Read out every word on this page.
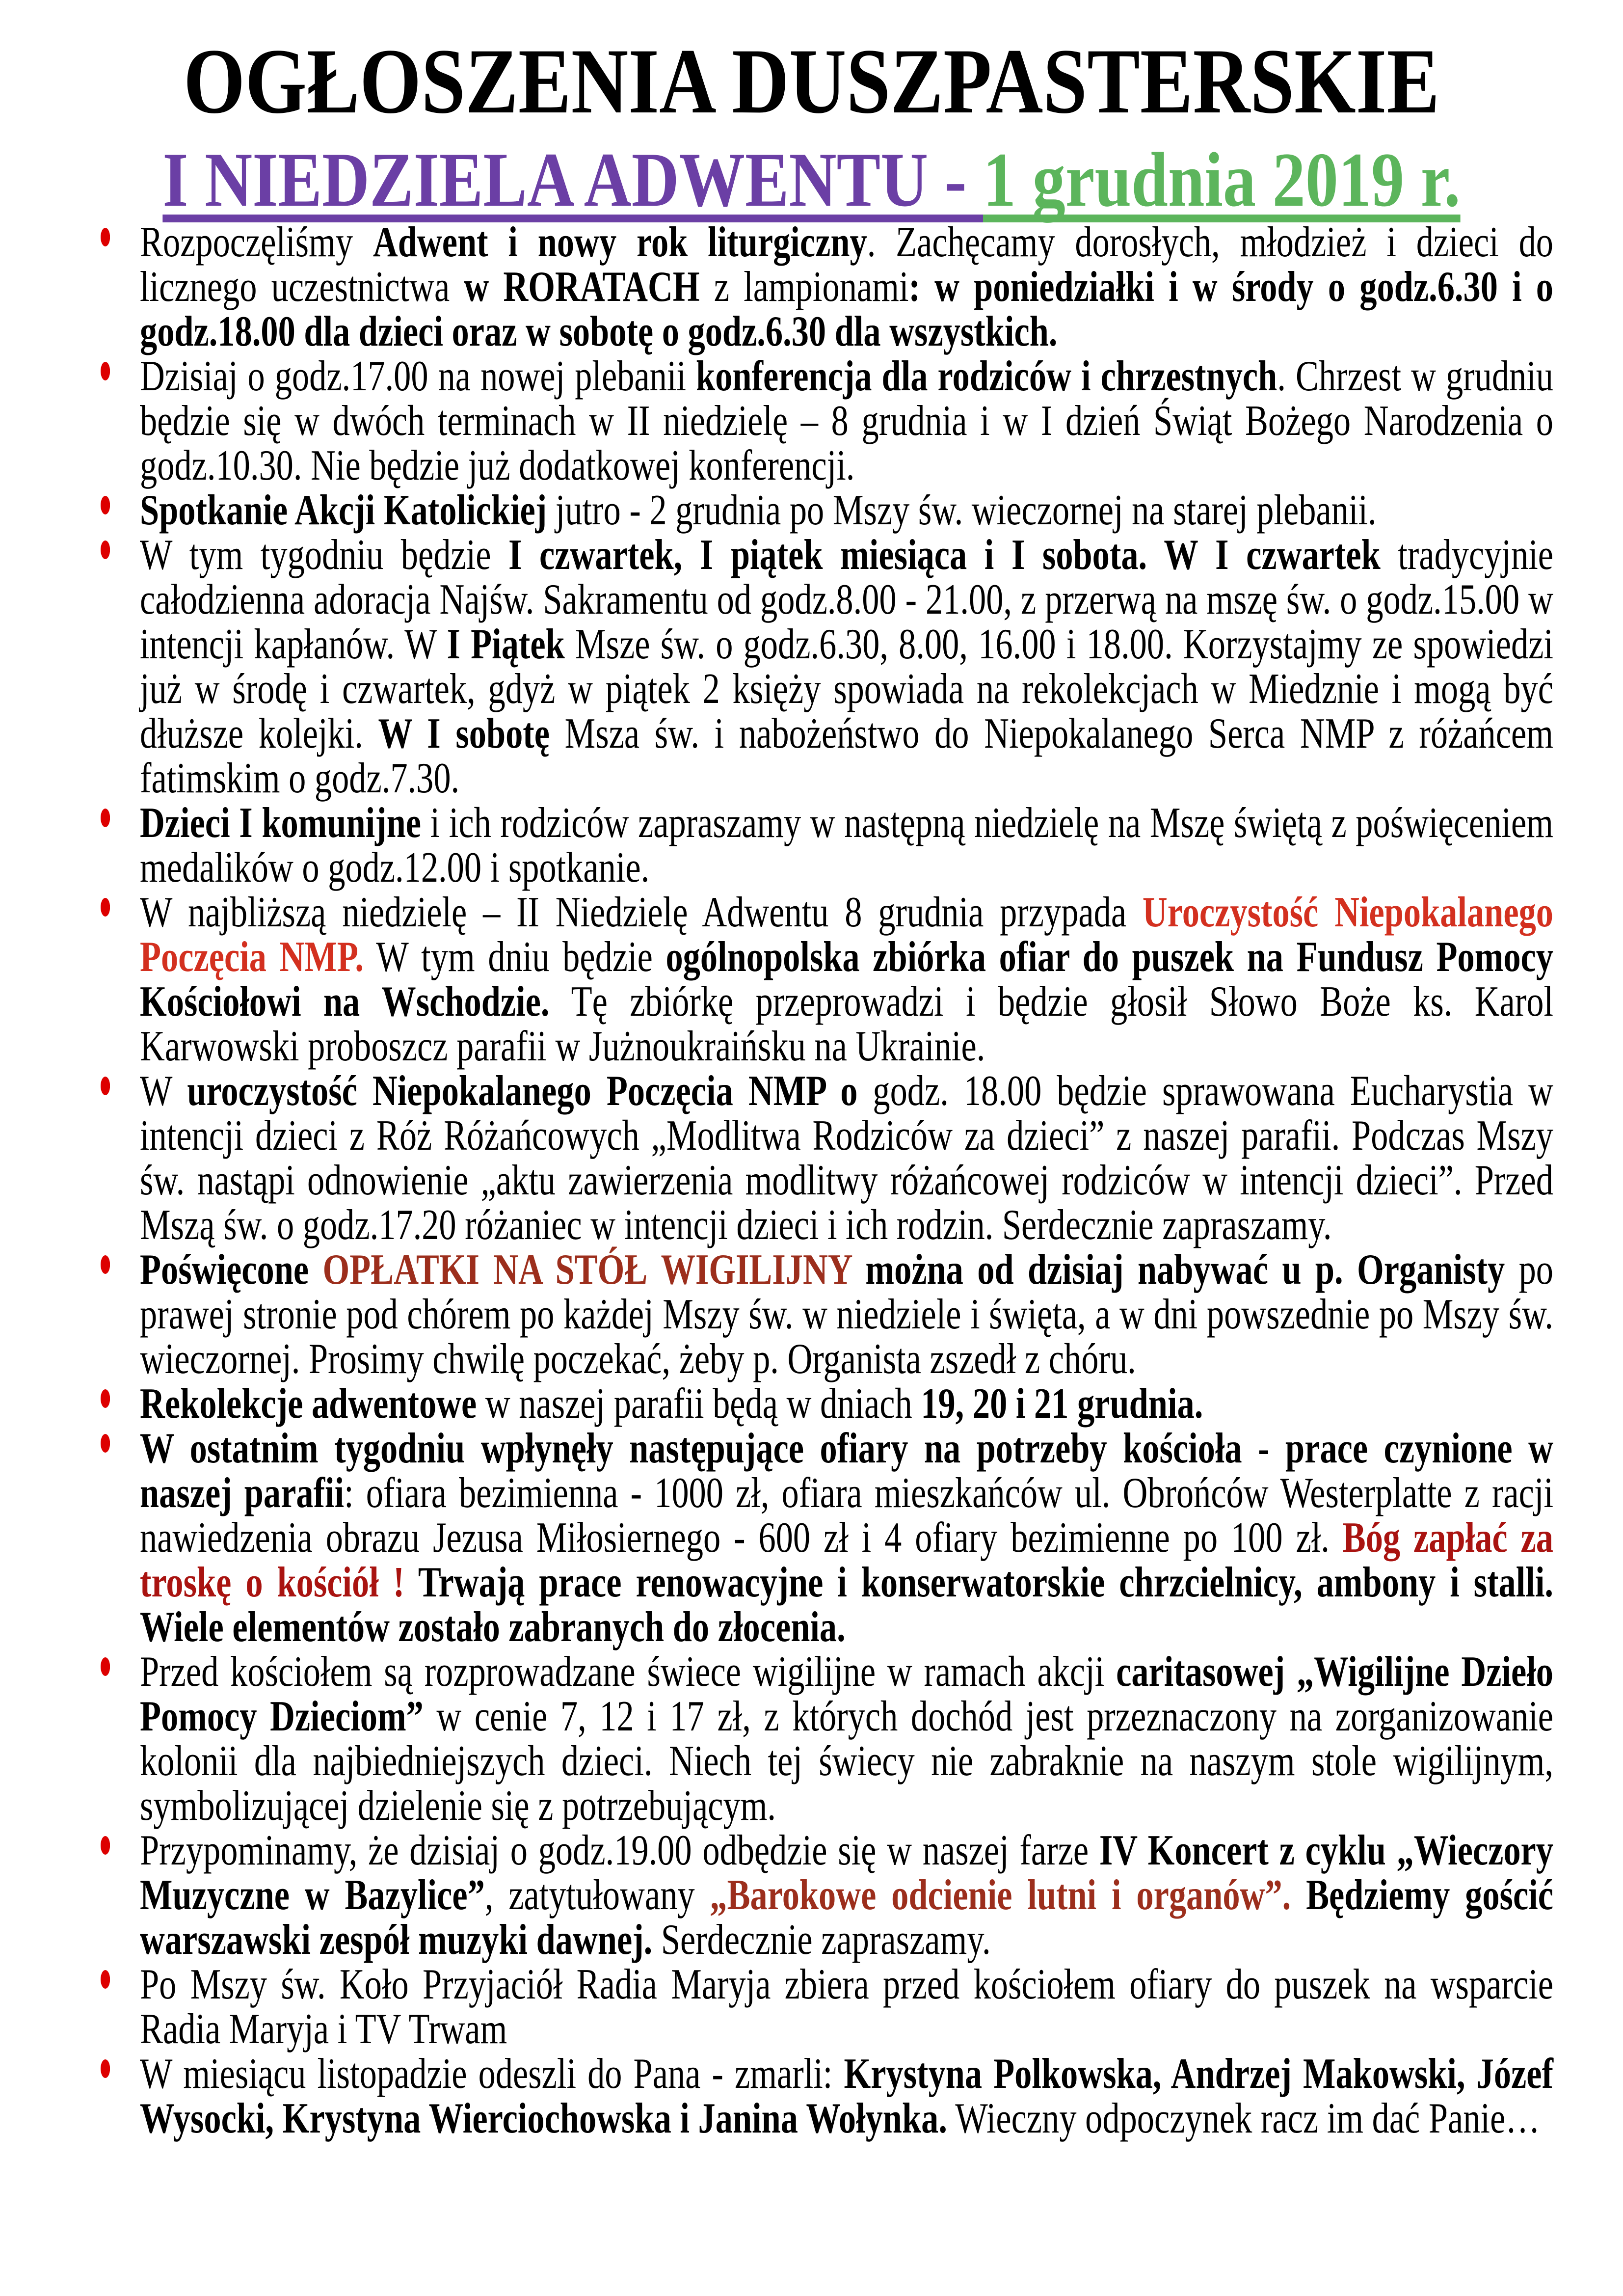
OGŁOSZENIA DUSZPASTERSKIE
I NIEDZIELA ADWENTU - 1 grudnia 2019 r.
Rozpoczęliśmy Adwent i nowy rok liturgiczny. Zachęcamy dorosłych, młodzież i dzieci do licznego uczestnictwa w RORATACH z lampionami: w poniedziałki i w środy o godz.6.30 i o godz.18.00 dla dzieci oraz w sobotę o godz.6.30 dla wszystkich.
Dzisiaj o godz.17.00 na nowej plebanii konferencja dla rodziców i chrzestnych. Chrzest w grudniu będzie się w dwóch terminach w II niedzielę – 8 grudnia i w I dzień Świąt Bożego Narodzenia o godz.10.30. Nie będzie już dodatkowej konferencji.
Spotkanie Akcji Katolickiej jutro - 2 grudnia po Mszy św. wieczornej na starej plebanii.
W tym tygodniu będzie I czwartek, I piątek miesiąca i I sobota. W I czwartek tradycyjnie całodzienna adoracja Najśw. Sakramentu od godz.8.00 - 21.00, z przerwą na mszę św. o godz.15.00 w intencji kapłanów. W I Piątek Msze św. o godz.6.30, 8.00, 16.00 i 18.00. Korzystajmy ze spowiedzi już w środę i czwartek, gdyż w piątek 2 księży spowiada na rekolekcjach w Miedznie i mogą być dłuższe kolejki. W I sobotę Msza św. i nabożeństwo do Niepokalanego Serca NMP z różańcem fatimskim o godz.7.30.
Dzieci I komunijne i ich rodziców zapraszamy w następną niedzielę na Mszę świętą z poświęceniem medalików o godz.12.00 i spotkanie.
W najbliższą niedzielę – II Niedzielę Adwentu 8 grudnia przypada Uroczystość Niepokalanego Poczęcia NMP. W tym dniu będzie ogólnopolska zbiórka ofiar do puszek na Fundusz Pomocy Kościołowi na Wschodzie. Tę zbiórkę przeprowadzi i będzie głosił Słowo Boże ks. Karol Karwowski proboszcz parafii w Jużnoukraińsku na Ukrainie.
W uroczystość Niepokalanego Poczęcia NMP o godz. 18.00 będzie sprawowana Eucharystia w intencji dzieci z Róż Różańcowych „Modlitwa Rodziców za dzieci” z naszej parafii. Podczas Mszy św. nastąpi odnowienie „aktu zawierzenia modlitwy różańcowej rodziców w intencji dzieci”. Przed Mszą św. o godz.17.20 różaniec w intencji dzieci i ich rodzin. Serdecznie zapraszamy.
Poświęcone OPŁATKI NA STÓŁ WIGILIJNY można od dzisiaj nabywać u p. Organisty po prawej stronie pod chórem po każdej Mszy św. w niedziele i święta, a w dni powszednie po Mszy św. wieczornej. Prosimy chwilę poczekać, żeby p. Organista zszedł z chóru.
Rekolekcje adwentowe w naszej parafii będą w dniach 19, 20 i 21 grudnia.
W ostatnim tygodniu wpłynęły następujące ofiary na potrzeby kościoła - prace czynione w naszej parafii: ofiara bezimienna - 1000 zł, ofiara mieszkańców ul. Obrońców Westerplatte z racji nawiedzenia obrazu Jezusa Miłosiernego - 600 zł i 4 ofiary bezimienne po 100 zł. Bóg zapłać za troskę o kościół ! Trwają prace renowacyjne i konserwatorskie chrzcielnicy, ambony i stalli. Wiele elementów zostało zabranych do złocenia.
Przed kościołem są rozprowadzane świece wigilijne w ramach akcji caritasowej „Wigilijne Dzieło Pomocy Dzieciom” w cenie 7, 12 i 17 zł, z których dochód jest przeznaczony na zorganizowanie kolonii dla najbiedniejszych dzieci. Niech tej świecy nie zabraknie na naszym stole wigilijnym, symbolizującej dzielenie się z potrzebującym.
Przypominamy, że dzisiaj o godz.19.00 odbędzie się w naszej farze IV Koncert z cyklu „Wieczory Muzyczne w Bazylice”, zatytułowany „Barokowe odcienie lutni i organów”. Będziemy gościć warszawski zespół muzyki dawnej. Serdecznie zapraszamy.
Po Mszy św. Koło Przyjaciół Radia Maryja zbiera przed kościołem ofiary do puszek na wsparcie Radia Maryja i TV Trwam
W miesiącu listopadzie odeszli do Pana - zmarli: Krystyna Polkowska, Andrzej Makowski, Józef Wysocki, Krystyna Wierciochowska i Janina Wołynka. Wieczny odpoczynek racz im dać Panie…
